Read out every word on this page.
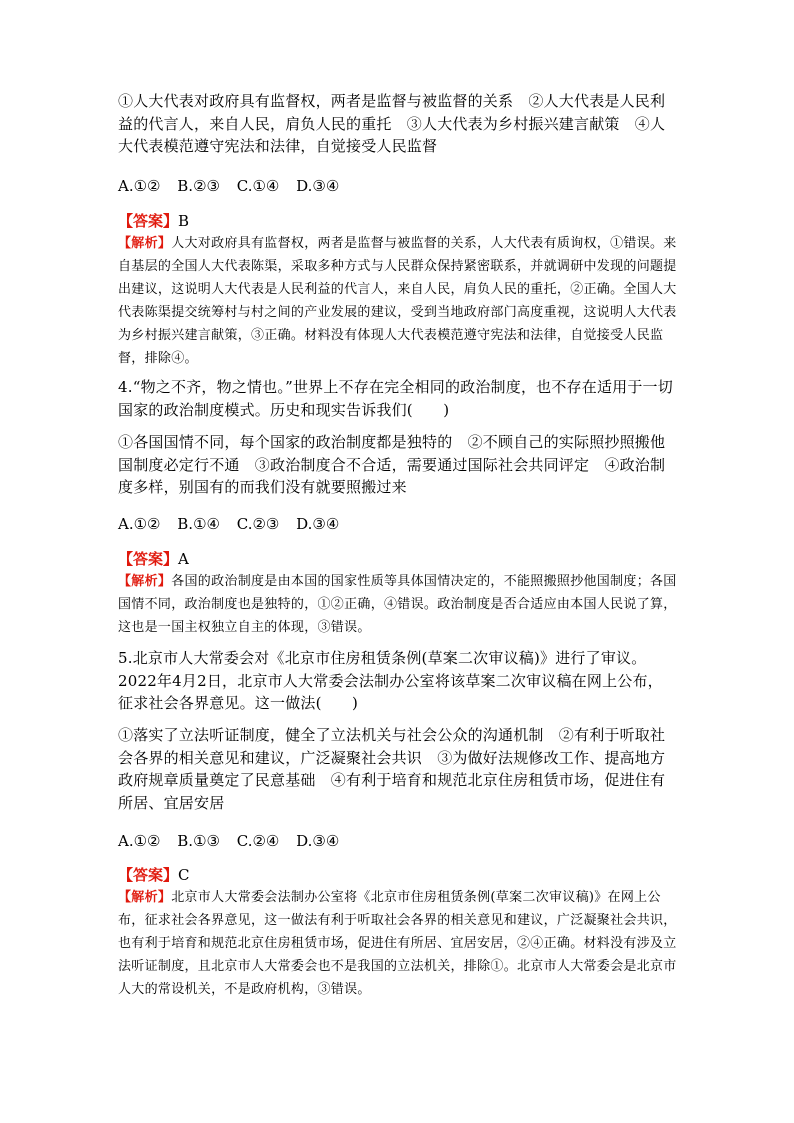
①人大代表对政府具有监督权，两者是监督与被监督的关系　②人大代表是人民利益的代言人，来自人民，肩负人民的重托　③人大代表为乡村振兴建言献策　④人大代表模范遵守宪法和法律，自觉接受人民监督
A.①② B.②③ C.①④ D.③④
【答案】B
【解析】人大对政府具有监督权，两者是监督与被监督的关系，人大代表有质询权，①错误。来自基层的全国人大代表陈渠，采取多种方式与人民群众保持紧密联系，并就调研中发现的问题提出建议，这说明人大代表是人民利益的代言人，来自人民，肩负人民的重托，②正确。全国人大代表陈渠提交统筹村与村之间的产业发展的建议，受到当地政府部门高度重视，这说明人大代表为乡村振兴建言献策，③正确。材料没有体现人大代表模范遵守宪法和法律，自觉接受人民监督，排除④。
4.“物之不齐，物之情也。”世界上不存在完全相同的政治制度，也不存在适用于一切国家的政治制度模式。历史和现实告诉我们(　　)
①各国国情不同，每个国家的政治制度都是独特的　②不顾自己的实际照抄照搬他国制度必定行不通　③政治制度合不合适，需要通过国际社会共同评定　④政治制度多样，别国有的而我们没有就要照搬过来
A.①② B.①④ C.②③ D.③④
【答案】A
【解析】各国的政治制度是由本国的国家性质等具体国情决定的，不能照搬照抄他国制度；各国国情不同，政治制度也是独特的，①②正确，④错误。政治制度是否合适应由本国人民说了算，这也是一国主权独立自主的体现，③错误。
5.北京市人大常委会对《北京市住房租赁条例(草案二次审议稿)》进行了审议。2022年4月2日，北京市人大常委会法制办公室将该草案二次审议稿在网上公布，征求社会各界意见。这一做法(　　)
①落实了立法听证制度，健全了立法机关与社会公众的沟通机制　②有利于听取社会各界的相关意见和建议，广泛凝聚社会共识　③为做好法规修改工作、提高地方政府规章质量奠定了民意基础　④有利于培育和规范北京住房租赁市场，促进住有所居、宜居安居
A.①② B.①③ C.②④ D.③④
【答案】C
【解析】北京市人大常委会法制办公室将《北京市住房租赁条例(草案二次审议稿)》在网上公布，征求社会各界意见，这一做法有利于听取社会各界的相关意见和建议，广泛凝聚社会共识，也有利于培育和规范北京住房租赁市场，促进住有所居、宜居安居，②④正确。材料没有涉及立法听证制度，且北京市人大常委会也不是我国的立法机关，排除①。北京市人大常委会是北京市人大的常设机关，不是政府机构，③错误。
